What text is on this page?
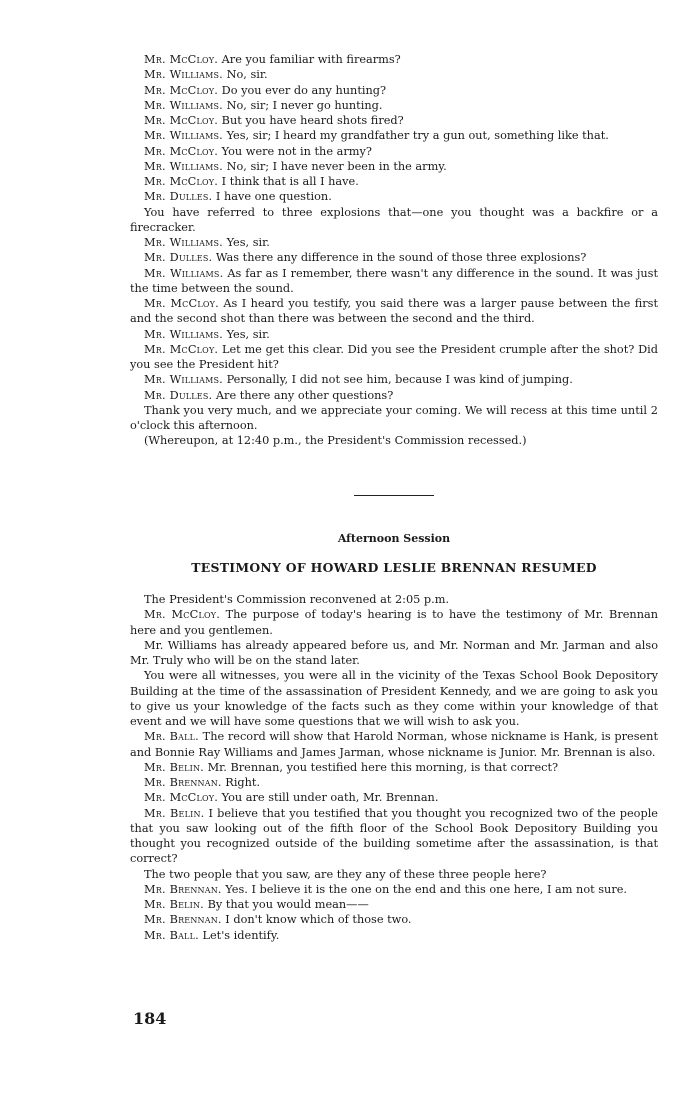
Mr. McCloy. Are you familiar with firearms?

Mr. Williams. No, sir.

Mr. McCloy. Do you ever do any hunting?

Mr. Williams. No, sir; I never go hunting.

Mr. McCloy. But you have heard shots fired?

Mr. Williams. Yes, sir; I heard my grandfather try a gun out, something like that.

Mr. McCloy. You were not in the army?

Mr. Williams. No, sir; I have never been in the army.

Mr. McCloy. I think that is all I have.

Mr. Dulles. I have one question.

You have referred to three explosions that—one you thought was a backfire or a firecracker.

Mr. Williams. Yes, sir.

Mr. Dulles. Was there any difference in the sound of those three explosions?

Mr. Williams. As far as I remember, there wasn't any difference in the sound. It was just the time between the sound.

Mr. McCloy. As I heard you testify, you said there was a larger pause between the first and the second shot than there was between the second and the third.

Mr. Williams. Yes, sir.

Mr. McCloy. Let me get this clear. Did you see the President crumple after the shot? Did you see the President hit?

Mr. Williams. Personally, I did not see him, because I was kind of jumping.

Mr. Dulles. Are there any other questions?

Thank you very much, and we appreciate your coming. We will recess at this time until 2 o'clock this afternoon.

(Whereupon, at 12:40 p.m., the President's Commission recessed.)

Afternoon Session
TESTIMONY OF HOWARD LESLIE BRENNAN RESUMED

The President's Commission reconvened at 2:05 p.m.

Mr. McCloy. The purpose of today's hearing is to have the testimony of Mr. Brennan here and you gentlemen.

Mr. Williams has already appeared before us, and Mr. Norman and Mr. Jarman and also Mr. Truly who will be on the stand later.

You were all witnesses, you were all in the vicinity of the Texas School Book Depository Building at the time of the assassination of President Kennedy, and we are going to ask you to give us your knowledge of the facts such as they come within your knowledge of that event and we will have some questions that we will wish to ask you.

Mr. Ball. The record will show that Harold Norman, whose nickname is Hank, is present and Bonnie Ray Williams and James Jarman, whose nickname is Junior. Mr. Brennan is also.

Mr. Belin. Mr. Brennan, you testified here this morning, is that correct?

Mr. Brennan. Right.

Mr. McCloy. You are still under oath, Mr. Brennan.

Mr. Belin. I believe that you testified that you thought you recognized two of the people that you saw looking out of the fifth floor of the School Book Depository Building you thought you recognized outside of the building sometime after the assassination, is that correct?

The two people that you saw, are they any of these three people here?

Mr. Brennan. Yes. I believe it is the one on the end and this one here, I am not sure.

Mr. Belin. By that you would mean——

Mr. Brennan. I don't know which of those two.

Mr. Ball. Let's identify.

184
